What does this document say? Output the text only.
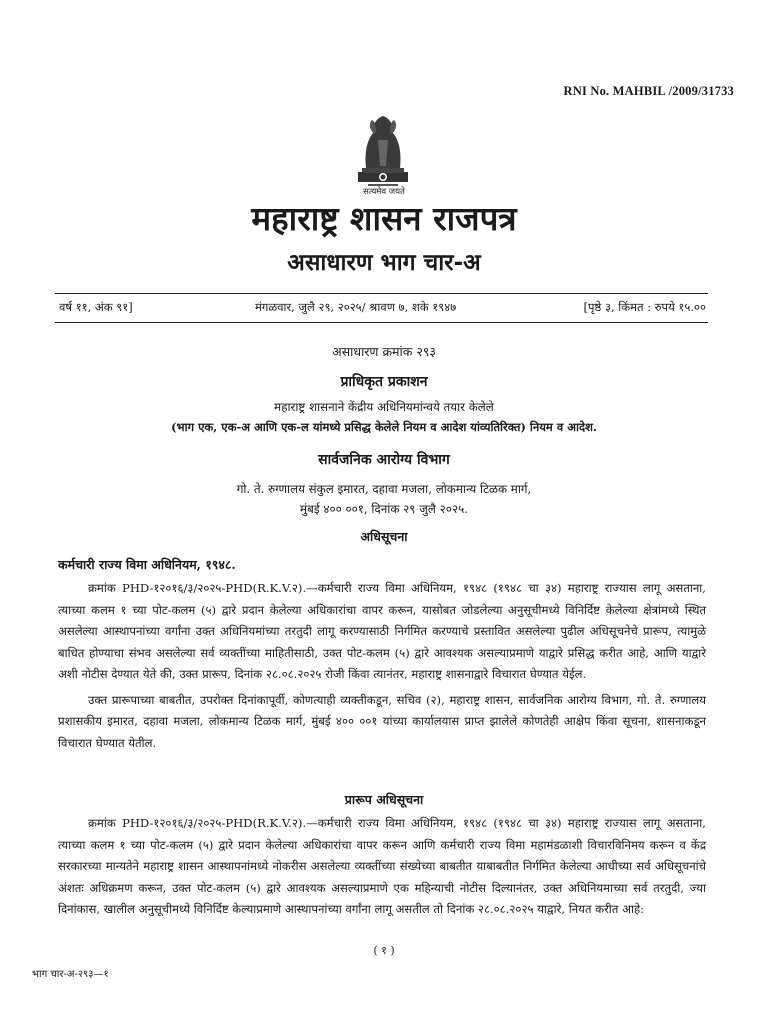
RNI No. MAHBIL /2009/31733
सत्यमेव जयते
महाराष्ट्र शासन राजपत्र
असाधारण भाग चार-अ
वर्ष ११, अंक ९१]	मंगळवार, जुलै २९, २०२५/ श्रावण ७, शके १९४७	[पृष्ठे ३, किंमत : रुपये १५.००
असाधारण क्रमांक २९३
प्राधिकृत प्रकाशन
महाराष्ट्र शासनाने केंद्रीय अधिनियमांन्वये तयार केलेले
(भाग एक, एक-अ आणि एक-ल यांमध्ये प्रसिद्ध केलेले नियम व आदेश यांव्यतिरिक्त) नियम व आदेश.
सार्वजनिक आरोग्य विभाग
गो. ते. रुग्णालय संकुल इमारत, दहावा मजला, लोकमान्य टिळक मार्ग,
मुंबई ४०० ००१, दिनांक २९ जुलै २०२५.
अधिसूचना
कर्मचारी राज्य विमा अधिनियम, १९४८.

क्रमांक PHD-१२०१६/३/२०२५-PHD(R.K.V.२).—कर्मचारी राज्य विमा अधिनियम, १९४८ (१९४८ चा ३४) महाराष्ट्र राज्यास लागू असताना, त्याच्या कलम १ च्या पोट-कलम (५) द्वारे प्रदान केलेल्या अधिकारांचा वापर करून, यासोबत जोडलेल्या अनुसूचीमध्ये विनिर्दिष्ट केलेल्या क्षेत्रांमध्ये स्थित असलेल्या आस्थापनांच्या वर्गांना उक्त अधिनियमांच्या तरतुदी लागू करण्यासाठी निर्गमित करण्याचे प्रस्तावित असलेल्या पुढील अधिसूचनेचे प्रारूप, त्यामुळे बाधित होण्याचा संभव असलेल्या सर्व व्यक्तींच्या माहितीसाठी, उक्त पोट-कलम (५) द्वारे आवश्यक असल्याप्रमाणे याद्वारे प्रसिद्ध करीत आहे, आणि याद्वारे अशी नोटीस देण्यात येते की, उक्त प्रारूप, दिनांक २८.०८.२०२५ रोजी किंवा त्यानंतर, महाराष्ट्र शासनाद्वारे विचारात घेण्यात येईल.

उक्त प्रारूपाच्या बाबतीत, उपरोक्त दिनांकापूर्वी, कोणत्याही व्यक्तीकडून, सचिव (२), महाराष्ट्र शासन, सार्वजनिक आरोग्य विभाग, गो. ते. रुग्णालय प्रशासकीय इमारत, दहावा मजला, लोकमान्य टिळक मार्ग, मुंबई ४०० ००१ यांच्या कार्यालयास प्राप्त झालेले कोणतेही आक्षेप किंवा सूचना, शासनाकडून विचारात घेण्यात येतील.

प्रारूप अधिसूचना

क्रमांक PHD-१२०१६/३/२०२५-PHD(R.K.V.२).—कर्मचारी राज्य विमा अधिनियम, १९४८ (१९४८ चा ३४) महाराष्ट्र राज्यास लागू असताना, त्याच्या कलम १ च्या पोट-कलम (५) द्वारे प्रदान केलेल्या अधिकारांचा वापर करून आणि कर्मचारी राज्य विमा महामंडळाशी विचारविनिमय करून व केंद्र सरकारच्या मान्यतेने महाराष्ट्र शासन आस्थापनांमध्ये नोकरीस असलेल्या व्यक्तींच्या संख्येच्या बाबतीत याबाबतीत निर्गमित केलेल्या आधीच्या सर्व अधिसूचनांचे अंशतः अधिक्रमण करून, उक्त पोट-कलम (५) द्वारे आवश्यक असल्याप्रमाणे एक महिन्याची नोटीस दिल्यानंतर, उक्त अधिनियमाच्या सर्व तरतुदी, ज्या दिनांकास, खालील अनुसूचीमध्ये विनिर्दिष्ट केल्याप्रमाणे आस्थापनांच्या वर्गांना लागू असतील तो दिनांक २८.०८.२०२५ याद्वारे, नियत करीत आहे:

( १ )
भाग चार-अ-२९३—१
